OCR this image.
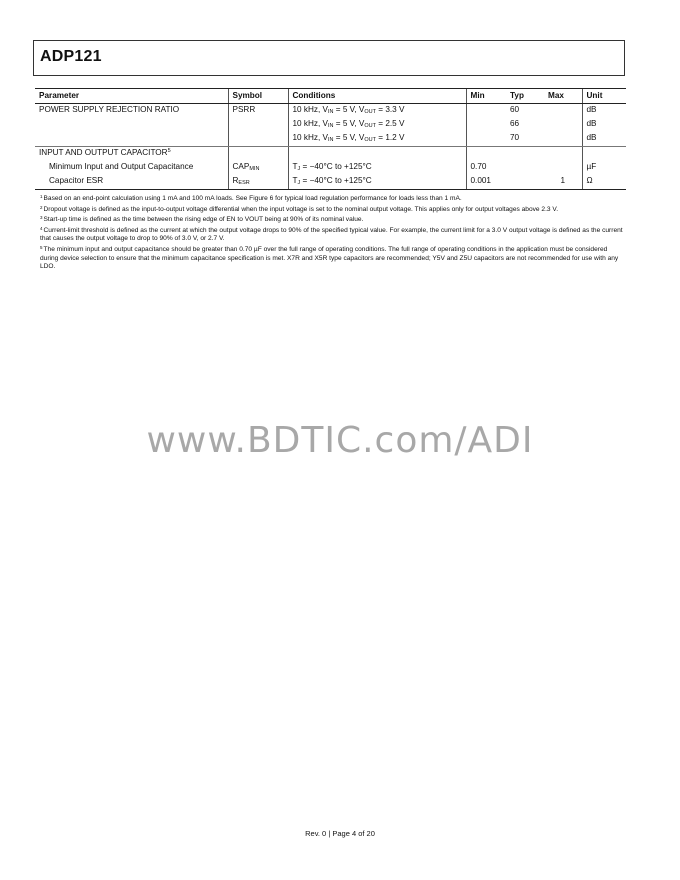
ADP121
Parameter	Symbol	Conditions	Min	Typ	Max	Unit
POWER SUPPLY REJECTION RATIO	PSRR	10 kHz, $V_{IN} = 5$ V, $V_{OUT} = 3.3$ V		60		dB
		10 kHz, $V_{IN} = 5$ V, $V_{OUT} = 2.5$ V		66		dB
		10 kHz, $V_{IN} = 5$ V, $V_{OUT} = 1.2$ V		70		dB
INPUT AND OUTPUT CAPACITOR$^5$						
Minimum Input and Output Capacitance	$CAP_{MIN}$	$T_J = -40^\circ C$ to +125°C	0.70			µF
Capacitor ESR	$R_{ESR}$	$T_J = -40^\circ C$ to +125°C	0.001		1	Ω
$^1$Based on an end-point calculation using 1 mA and 100 mA loads. See Figure 6 for typical load regulation performance for loads less than 1 mA.
$^2$Dropout voltage is defined as the input-to-output voltage differential when the input voltage is set to the nominal output voltage. This applies only for output voltages above 2.3 V.
$^3$Start-up time is defined as the time between the rising edge of EN to VOUT being at 90% of its nominal value.
$^4$Current-limit threshold is defined as the current at which the output voltage drops to 90% of the specified typical value. For example, the current limit for a 3.0 V output voltage is defined as the current that causes the output voltage to drop to 90% of 3.0 V, or 2.7 V.
$^5$The minimum input and output capacitance should be greater than 0.70 µF over the full range of operating conditions. The full range of operating conditions in the application must be considered during device selection to ensure that the minimum capacitance specification is met. X7R and X5R type capacitors are recommended; Y5V and Z5U capacitors are not recommended for use with any LDO.
www.BDTIC.com/ADI
Rev. 0 | Page 4 of 20
